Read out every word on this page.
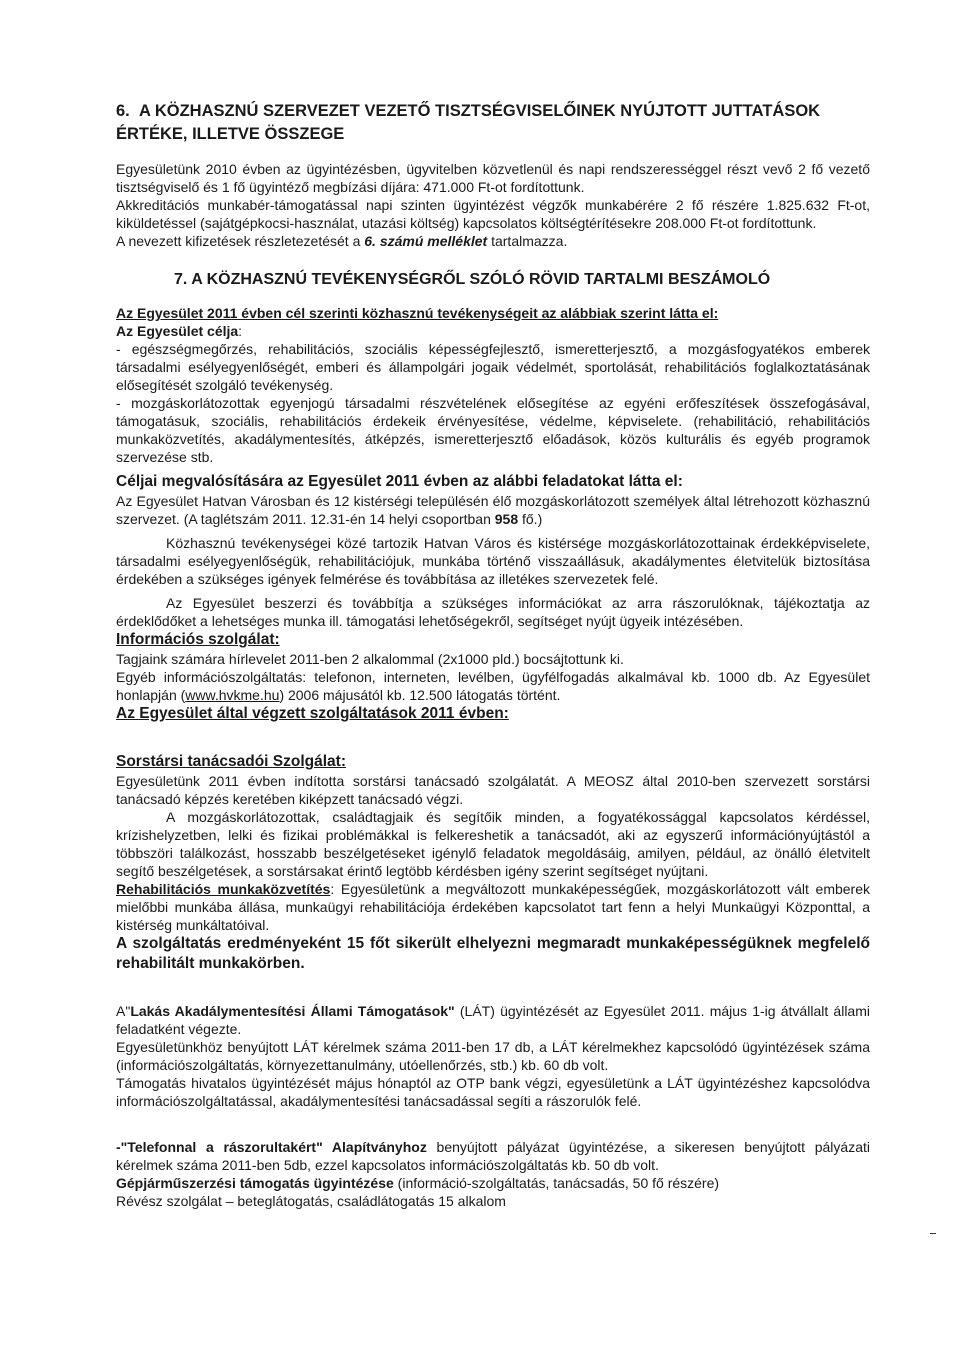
6. A KÖZHASZNÚ SZERVEZET VEZETŐ TISZTSÉGVISELŐINEK NYÚJTOTT JUTTATÁSOK

ÉRTÉKE, ILLETVE ÖSSZEGE

Egyesületünk 2010 évben az ügyintézésben, ügyvitelben közvetlenül és napi rendszerességgel részt vevő 2 fő vezető tisztségviselő és 1 fő ügyintéző megbízási díjára: 471.000 Ft-ot fordítottunk.

Akkreditációs munkabér-támogatással napi szinten ügyintézést végzők munkabérére 2 fő részére 1.825.632 Ft-ot, kiküldetéssel (sajátgépkocsi-használat, utazási költség) kapcsolatos költségtérítésekre 208.000 Ft-ot fordítottunk.

A nevezett kifizetések részletezetését a 6. számú melléklet tartalmazza.

7. A KÖZHASZNÚ TEVÉKENYSÉGRŐL SZÓLÓ RÖVID TARTALMI BESZÁMOLÓ

Az Egyesület 2011 évben cél szerinti közhasznú tevékenységeit az alábbiak szerint látta el:

Az Egyesület célja:

- egészségmegőrzés, rehabilitációs, szociális képességfejlesztő, ismeretterjesztő, a mozgásfogyatékos emberek társadalmi esélyegyenlőségét, emberi és állampolgári jogaik védelmét, sportolását, rehabilitációs foglalkoztatásának elősegítését szolgáló tevékenység.

- mozgáskorlátozottak egyenjogú társadalmi részvételének elősegítése az egyéni erőfeszítések összefogásával, támogatásuk, szociális, rehabilitációs érdekeik érvényesítése, védelme, képviselete. (rehabilitáció, rehabilitációs munkaközvetítés, akadálymentesítés, átképzés, ismeretterjesztő előadások, közös kulturális és egyéb programok szervezése stb.

Céljai megvalósítására az Egyesület 2011 évben az alábbi feladatokat látta el:

Az Egyesület Hatvan Városban és 12 kistérségi településén élő mozgáskorlátozott személyek által létrehozott közhasznú szervezet. (A taglétszám 2011. 12.31-én 14 helyi csoportban 958 fő.)

Közhasznú tevékenységei közé tartozik Hatvan Város és kistérsége mozgáskorlátozottainak érdekképviselete, társadalmi esélyegyenlőségük, rehabilitációjuk, munkába történő visszaállásuk, akadálymentes életvitelük biztosítása érdekében a szükséges igények felmérése és továbbítása az illetékes szervezetek felé.

Az Egyesület beszerzi és továbbítja a szükséges információkat az arra rászorulóknak, tájékoztatja az érdeklődőket a lehetséges munka ill. támogatási lehetőségekről, segítséget nyújt ügyeik intézésében.

Információs szolgálat:

Tagjaink számára hírlevelet 2011-ben 2 alkalommal (2x1000 pld.) bocsájtottunk ki.

Egyéb információszolgáltatás: telefonon, interneten, levélben, ügyfélfogadás alkalmával kb. 1000 db. Az Egyesület honlapján (www.hvkme.hu) 2006 májusától kb. 12.500 látogatás történt.

Az Egyesület által végzett szolgáltatások 2011 évben:

Sorstársi tanácsadói Szolgálat:

Egyesületünk 2011 évben indította sorstársi tanácsadó szolgálatát. A MEOSZ által 2010-ben szervezett sorstársi tanácsadó képzés keretében kiképzett tanácsadó végzi.

A mozgáskorlátozottak, családtagjaik és segítőik minden, a fogyatékossággal kapcsolatos kérdéssel, krízishelyzetben, lelki és fizikai problémákkal is felkereshetik a tanácsadót, aki az egyszerű információnyújtástól a többszöri találkozást, hosszabb beszélgetéseket igénylő feladatok megoldásáig, amilyen, például, az önálló életvitelt segítő beszélgetések, a sorstársakat érintő legtöbb kérdésben igény szerint segítséget nyújtani.

Rehabilitációs munkaközvetítés: Egyesületünk a megváltozott munkaképességűek, mozgáskorlátozott vált emberek mielőbbi munkába állása, munkaügyi rehabilitációja érdekében kapcsolatot tart fenn a helyi Munkaügyi Központtal, a kistérség munkáltatóival.

A szolgáltatás eredményeként 15 főt sikerült elhelyezni megmaradt munkaképességüknek megfelelő rehabilitált munkakörben.

A"Lakás Akadálymentesítési Állami Támogatások" (LÁT) ügyintézését az Egyesület 2011. május 1-ig átvállalt állami feladatként végezte.

Egyesületünkhöz benyújtott LÁT kérelmek száma 2011-ben 17 db, a LÁT kérelmekhez kapcsolódó ügyintézések száma (információszolgáltatás, környezettanulmány, utóellenőrzés, stb.) kb. 60 db volt.

Támogatás hivatalos ügyintézését május hónaptól az OTP bank végzi, egyesületünk a LÁT ügyintézéshez kapcsolódva információszolgáltatással, akadálymentesítési tanácsadással segíti a rászorulók felé.

-"Telefonnal a rászorultakért" Alapítványhoz benyújtott pályázat ügyintézése, a sikeresen benyújtott pályázati kérelmek száma 2011-ben 5db, ezzel kapcsolatos információszolgáltatás kb. 50 db volt.

Gépjárműszerzési támogatás ügyintézése (információ-szolgáltatás, tanácsadás, 50 fő részére)

Révész szolgálat – beteglátogatás, családlátogatás 15 alkalom
